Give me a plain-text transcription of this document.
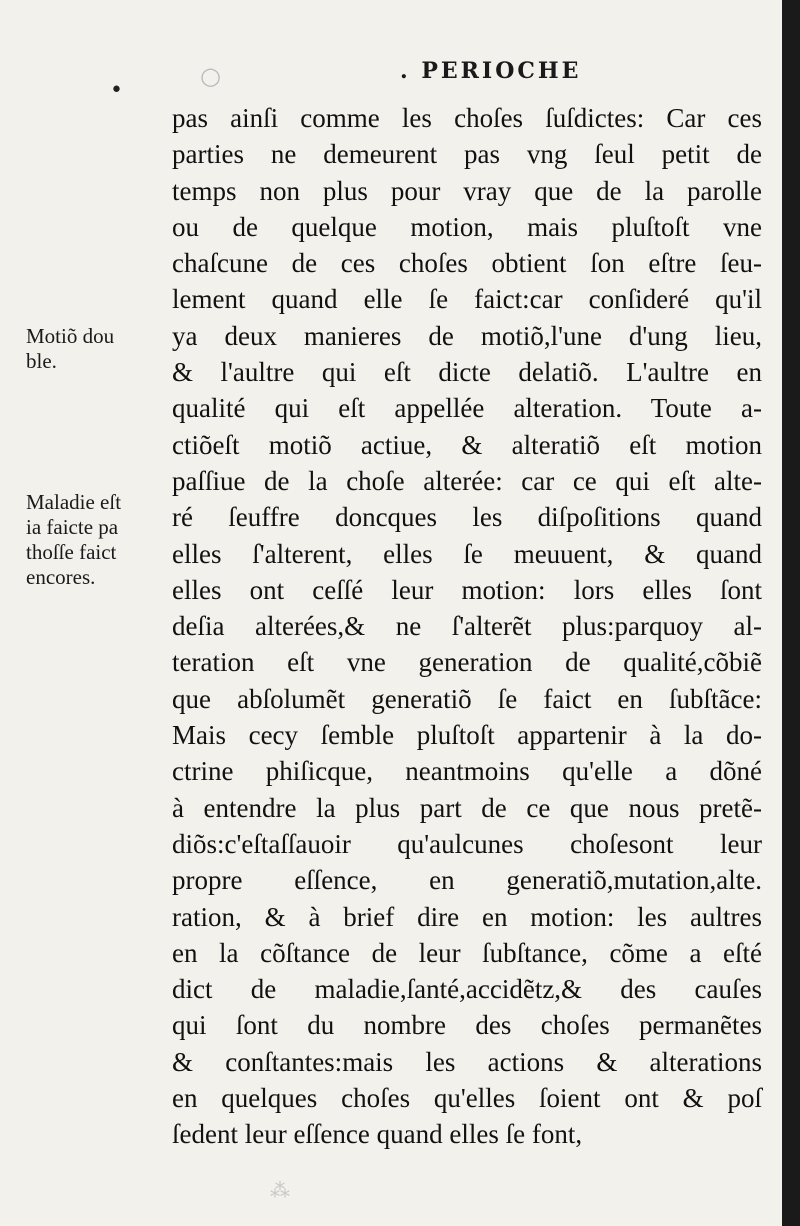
•
○	. PERIOCHE
Motiõ dou
ble.
Maladie eſt
ia faicte pa
thoſſe faict
encores.
pas ainſi comme les choſes ſuſdictes: Car ces
parties ne demeurent pas vng ſeul petit de
temps non plus pour vray que de la parolle
ou de quelque motion, mais pluſtoſt vne
chaſcune de ces choſes obtient ſon eſtre ſeu-
lement quand elle ſe faict:car conſideré qu'il
ya deux manieres de motiõ,l'une d'ung lieu,
& l'aultre qui eſt dicte delatiõ. L'aultre en
qualité qui eſt appellée alteration. Toute a-
ctiõeſt motiõ actiue, & alteratiõ eſt motion
paſſiue de la choſe alterée: car ce qui eſt alte-
ré ſeuffre doncques les diſpoſitions quand
elles ſ'alterent, elles ſe meuuent, & quand
elles ont ceſſé leur motion: lors elles ſont
deſia alterées,& ne ſ'alterẽt plus:parquoy al-
teration eſt vne generation de qualité,cõbiẽ
que abſolumẽt generatiõ ſe faict en ſubſtãce:
Mais cecy ſemble pluſtoſt appartenir à la do-
ctrine phiſicque, neantmoins qu'elle a dõné
à entendre la plus part de ce que nous pretẽ-
diõs:c'eſtaſſauoir qu'aulcunes choſesont leur
propre eſſence, en generatiõ,mutation,alte.
ration, & à brief dire en motion: les aultres
en la cõſtance de leur ſubſtance, cõme a eſté
dict de maladie,ſanté,accidẽtz,& des cauſes
qui ſont du nombre des choſes permanẽtes
& conſtantes:mais les actions & alterations
en quelques choſes qu'elles ſoient ont & poſ
ſedent leur eſſence quand elles ſe font,
⁂
